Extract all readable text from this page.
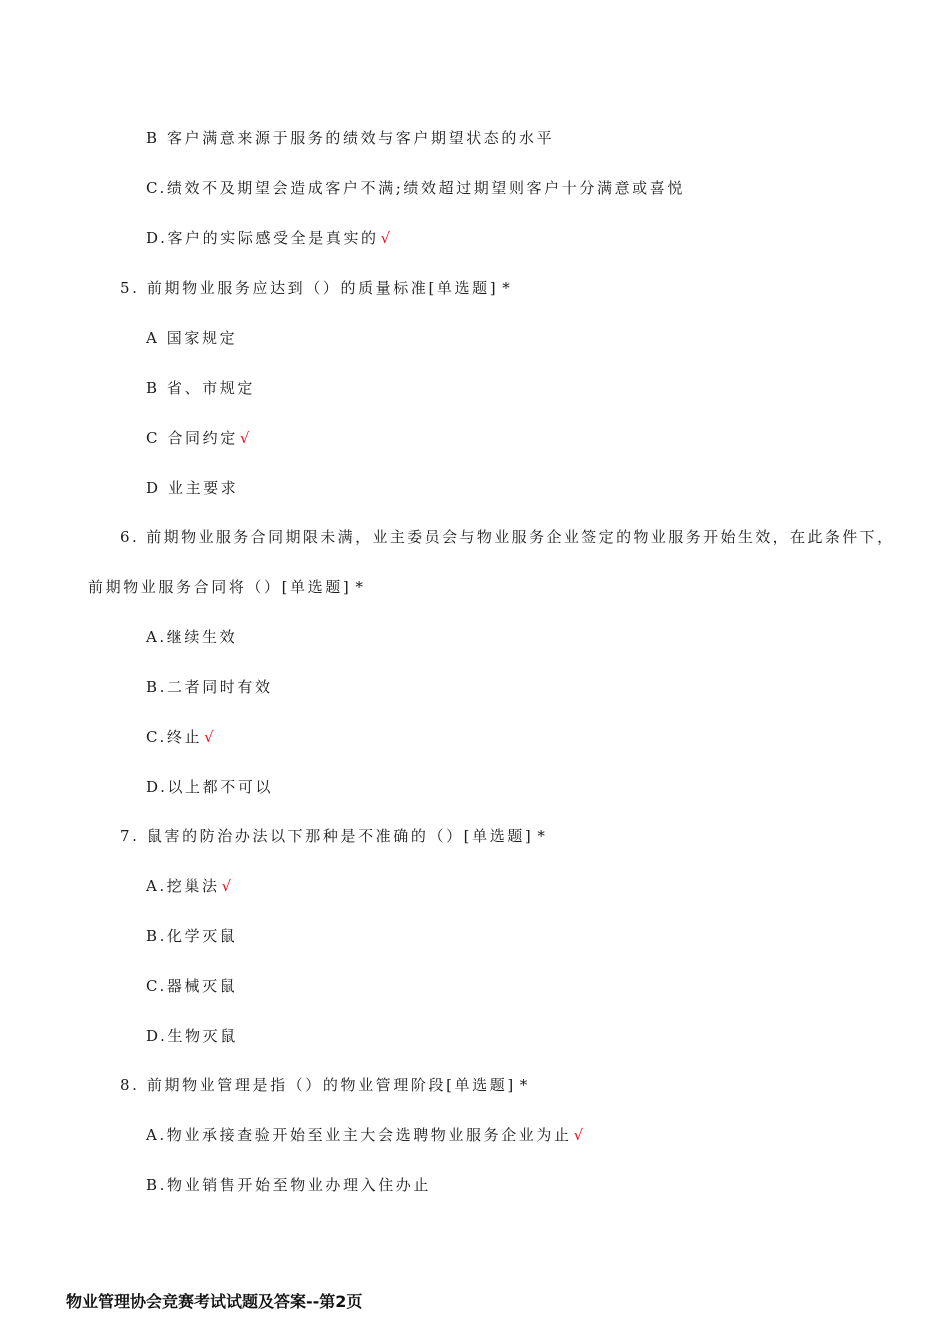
B 客户满意来源于服务的绩效与客户期望状态的水平
C.绩效不及期望会造成客户不满;绩效超过期望则客户十分满意或喜悦
D.客户的实际感受全是真实的 √
5. 前期物业服务应达到（）的质量标准[单选题] *
A 国家规定
B 省、市规定
C 合同约定 √
D 业主要求
6. 前期物业服务合同期限未满，业主委员会与物业服务企业签定的物业服务开始生效，在此条件下，
前期物业服务合同将（）[单选题] *
A.继续生效
B.二者同时有效
C.终止 √
D.以上都不可以
7. 鼠害的防治办法以下那种是不准确的（）[单选题] *
A.挖巢法 √
B.化学灭鼠
C.器械灭鼠
D.生物灭鼠
8. 前期物业管理是指（）的物业管理阶段[单选题] *
A.物业承接查验开始至业主大会选聘物业服务企业为止 √
B.物业销售开始至物业办理入住办止
物业管理协会竞赛考试试题及答案--第2页
